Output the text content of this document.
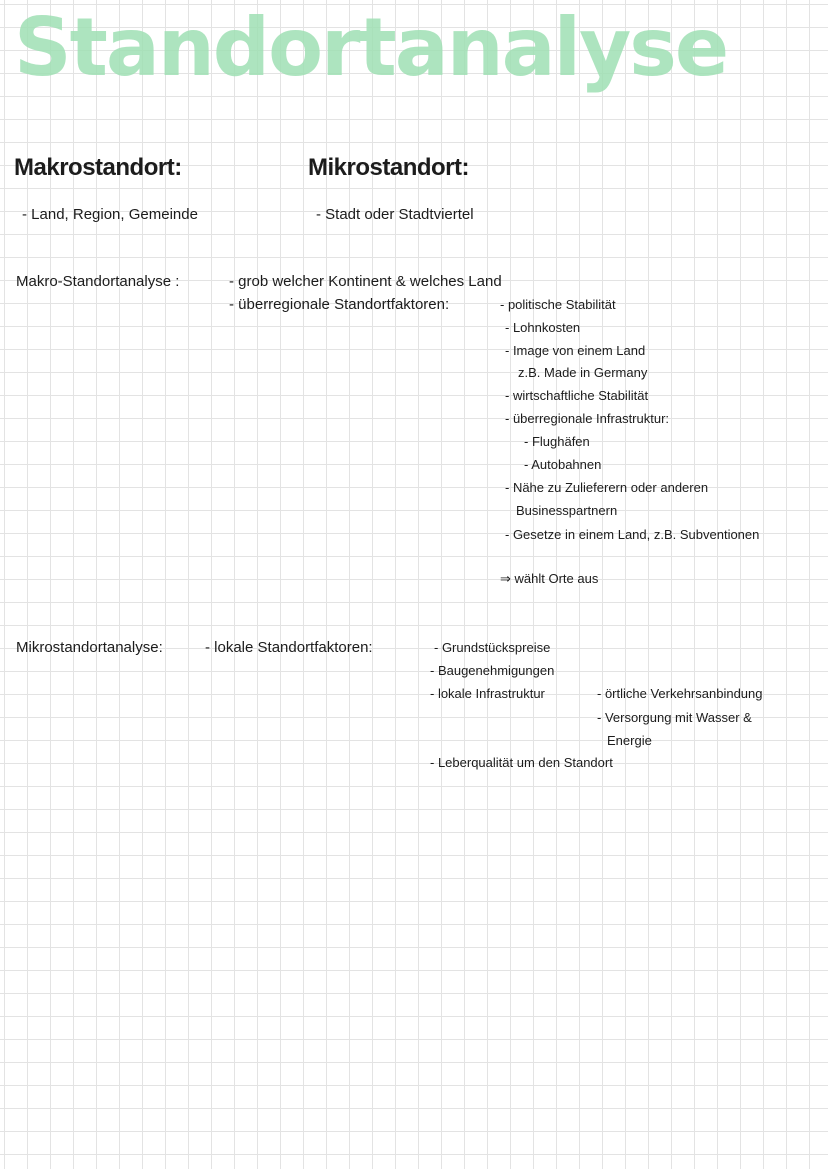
Standortanalyse
Makrostandort:	Mikrostandort:
- Land, Region, Gemeinde	- Stadt oder Stadtviertel
Makro-Standortanalyse :	- grob welcher Kontinent & welches Land
- überregionale Standortfaktoren:	- politische Stabilität
- Lohnkosten
- Image von einem Land
z.B. Made in Germany
- wirtschaftliche Stabilität
- überregionale Infrastruktur:
- Flughäfen
- Autobahnen
- Nähe zu Zulieferern oder anderen
Businesspartnern
- Gesetze in einem Land, z.B. Subventionen
⇒ wählt Orte aus
Mikrostandortanalyse:	- lokale Standortfaktoren:	- Grundstückspreise
- Baugenehmigungen
- lokale Infrastruktur	- örtliche Verkehrsanbindung
- Versorgung mit Wasser &
Energie
- Leberqualität um den Standort
